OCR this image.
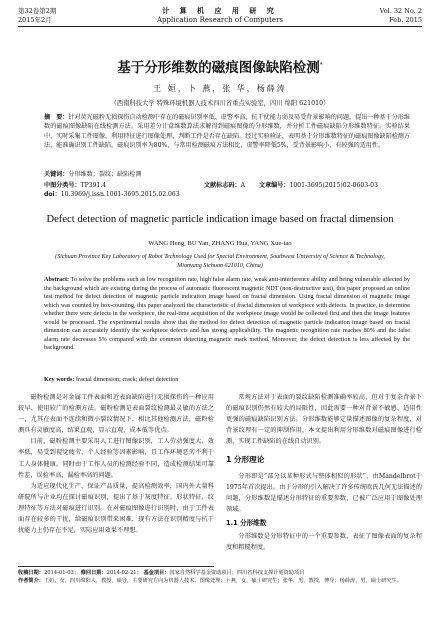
第32卷第2期
2015年2月
计 算 机 应 用 研 究
Application Research of Computers
Vol. 32 No. 2
Feb. 2015
基于分形维数的磁痕图像缺陷检测*
王 姮，卜 燕，张 华，杨薛涛
（西南科技大学 特殊环境机器人技术四川省重点实验室，四川 绵阳 621010）
摘　要：针对荧光磁粉无损探伤自动检测中存在的磁痕识别率低、虚警率高、抗干扰能力弱及易受背景影响的问题，提出一种基于分形维数的磁痕图像缺陷在线检测方法。采用差分计盒维数算法求解得到磁痕图像的分形维数，并分析工件磁痕缺陷分形维数特征。实验结果中，实时采集工件图像，利用特征进行图像处理，判断工件是否存在缺陷。经过实验验证，表明基于分形维数特征的磁痕图像缺陷检测方法，能准确识别工件缺陷，磁痕识别率为80%，与常用检测磁痕方法相比，虚警率降低5%，受背景影响小，有较强的适用性。
关键词：分形维数；裂纹；缺陷检测
中图分类号：TP391.4	文献标志码：A 文章编号：1001-3695(2015)02-0603-03
doi：10.3969/j.issn.1001-3695.2015.02.063
Defect detection of magnetic particle indication image based on fractal dimension
WANG Heng, BU Yan, ZHANG Hua, YANG Xue-tao
(Sichuan Province Key Laboratory of Robot Technology Used for Special Environment, Southwest University of Science & Technology, Mianyang Sichuan 621010, China)
Abstract: To solve the problems such as low recognition rate, high false alarm rate, weak anti-interference ability and being vulnerable affected by the background which are existing during the process of automatic fluorescent magnetic NDT (non-destructive test), this paper proposed an online test method for defect detection of magnetic particle indication image based on fractal dimension. Using fractal dimension of magnetic image which was counted by box-counting, this paper analyzed the characteristic of fractal dimension of workpiece with defects. In practice, to determine whether there were defects in the workpiece, the real-time acquisition of the workpiece image would be collected first and then the image features would be processed. The experimental results show that the method for defect detection of magnetic particle indication image based on fractal dimension can accurately identify the workpiece defects and has strong applicability. The magnetic recognition rate reaches 80% and the false alarm rate decreases 5% compared with the common detecting magnetic mark method. Moreover, the defect detection is less affected by the background.
Key words: fractal dimension; crack; defect detection

磁粉检测是对金属工件表面和近表面缺陷进行无损探伤的一种应用较早、使用较广的检测方法。磁粉检测是表面裂纹检测最灵敏的方法之一，尤其在表面不连续和微小裂纹情况下，相比其他检测方法，磁粉检测具有灵敏度高，结果直观、显示直观、成本低等优点。

目前，磁粉检测主要采用人工进行图像识别，工人劳动强度大、效率低，易受到视觉疲劳、个人经验等因素影响，且工作环境恶劣不利于工人身体健康。同时由于工作人员的检测经验不同，造成检测结果可靠性差，误检率高，漏检率高的问题。

为适应现代化生产、保证产品质量，提高检测效率，国内外大量科研院所与企业均在探讨磁痕识别，提出了基于灰度特征、形状特征、纹理特征等方法对磁痕进行识别。在对磁痕图像进行识别时，由于工件表面存在较多的干扰，给磁痕识别带来困难，现有方法在识别精度与抗干扰能力上仍存在不足，实际应用效果不理想。

常规方法对于表面的裂纹缺陷检测准确率较高，但对于复杂背景下的磁痕识别仍然有较大的局限性，因此需要一种对背景不敏感、适用性更强的磁痕缺陷识别方法。分形维数能够定量描述图像的复杂程度，对背景纹理有一定的抑制作用，本文提出利用分形维数对磁痕图像进行检测，实现工件缺陷的在线自动识别。

1 分形理论

分形即是“部分以某种形式与整体相似的形状”，由Mandelbrot于1975年首次提出。由于分形的引入解决了许多传统欧氏几何无法描述的问题，分形维数是描述分形特征的重要参数，已被广泛应用于图像处理领域。

1.1 分形维数

分形维数是分形特征中的一个重要参数，表征了图像表面的复杂程度和粗糙程度。

收稿日期：2014-01-03； 修回日期：2014-02-21； 基金项目：国家自然科学基金资助项目；四川省科技支撑计划资助项目
作者简介：王姮，女，四川绵阳人，教授，硕导，主要研究方向为机器人技术、图像处理；卜燕，女，硕士研究生；张华，男，教授，博导；杨薛涛，男，硕士研究生。
